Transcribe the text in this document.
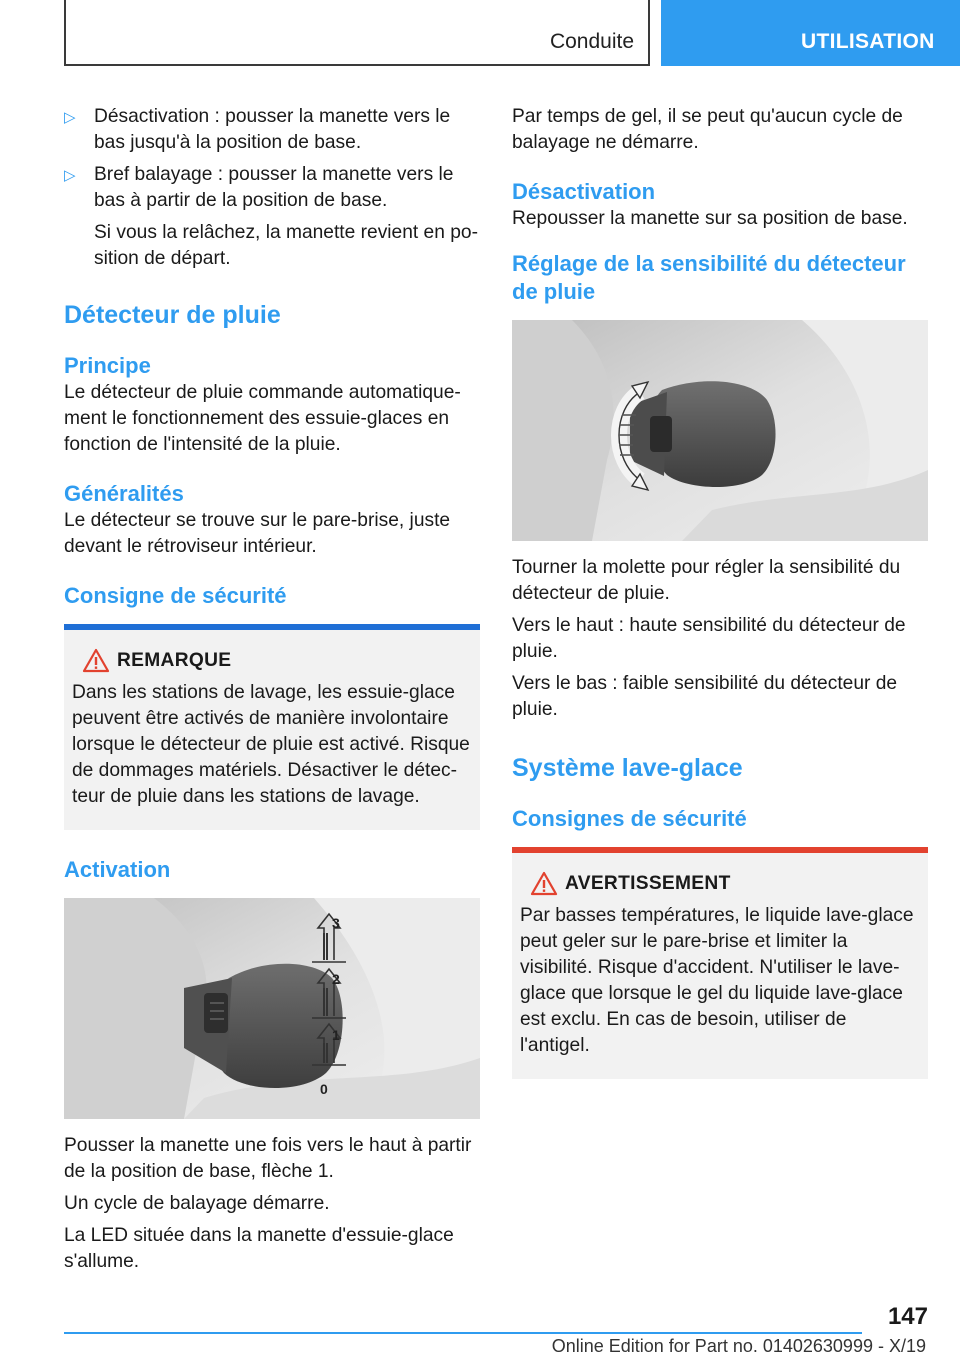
Conduite	UTILISATION
▷ Désactivation : pousser la manette vers le bas jusqu'à la position de base.
▷ Bref balayage : pousser la manette vers le bas à partir de la position de base.

Si vous la relâchez, la manette revient en position de départ.

Détecteur de pluie
Principe

Le détecteur de pluie commande automatiquement le fonctionnement des essuie-glaces en fonction de l'intensité de la pluie.

Généralités

Le détecteur se trouve sur le pare-brise, juste devant le rétroviseur intérieur.

Consigne de sécurité
REMARQUE
Dans les stations de lavage, les essuie-glace peuvent être activés de manière involontaire lorsque le détecteur de pluie est activé. Risque de dommages matériels. Désactiver le détecteur de pluie dans les stations de lavage.
Activation
3
2
1
0

Pousser la manette une fois vers le haut à partir de la position de base, flèche 1.

Un cycle de balayage démarre.

La LED située dans la manette d'essuie-glace s'allume.

Par temps de gel, il se peut qu'aucun cycle de balayage ne démarre.

Désactivation

Repousser la manette sur sa position de base.

Réglage de la sensibilité du détecteur de pluie

Tourner la molette pour régler la sensibilité du détecteur de pluie.

Vers le haut : haute sensibilité du détecteur de pluie.

Vers le bas : faible sensibilité du détecteur de pluie.

Système lave-glace
Consignes de sécurité
AVERTISSEMENT
Par basses températures, le liquide lave-glace peut geler sur le pare-brise et limiter la visibilité. Risque d'accident. N'utiliser le lave-glace que lorsque le gel du liquide lave-glace est exclu. En cas de besoin, utiliser de l'antigel.
147
Online Edition for Part no. 01402630999 - X/19
